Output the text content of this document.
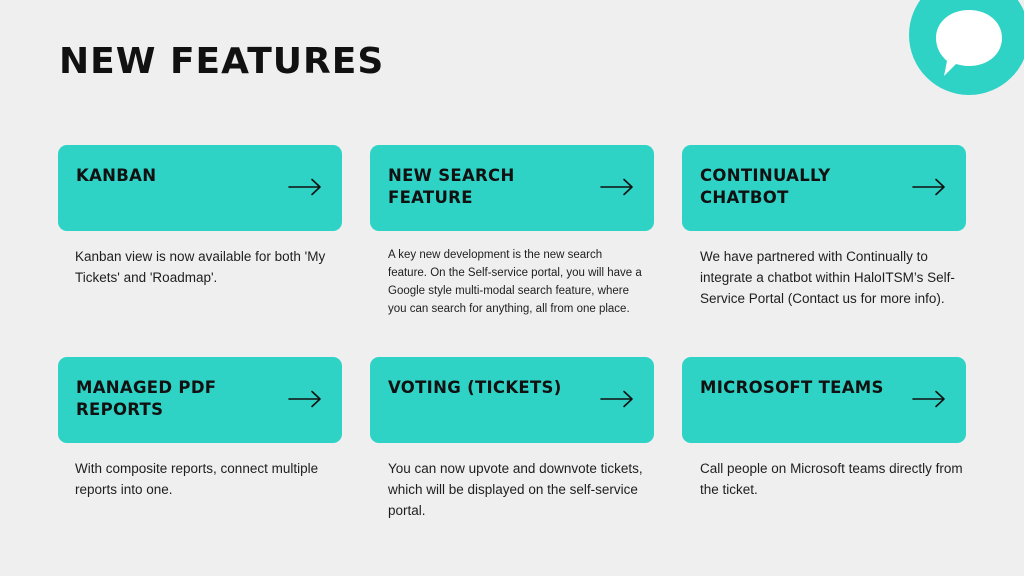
NEW FEATURES
KANBAN
Kanban view is now available for both 'My Tickets' and 'Roadmap'.
NEW SEARCH FEATURE
A key new development is the new search feature. On the Self-service portal, you will have a Google style multi-modal search feature, where you can search for anything, all from one place.
CONTINUALLY CHATBOT
We have partnered with Continually to integrate a chatbot within HaloITSM’s Self-Service Portal (Contact us for more info).
MANAGED PDF REPORTS
With composite reports, connect multiple reports into one.
VOTING (TICKETS)
You can now upvote and downvote tickets, which will be displayed on the self-service portal.
MICROSOFT TEAMS
Call people on Microsoft teams directly from the ticket.
